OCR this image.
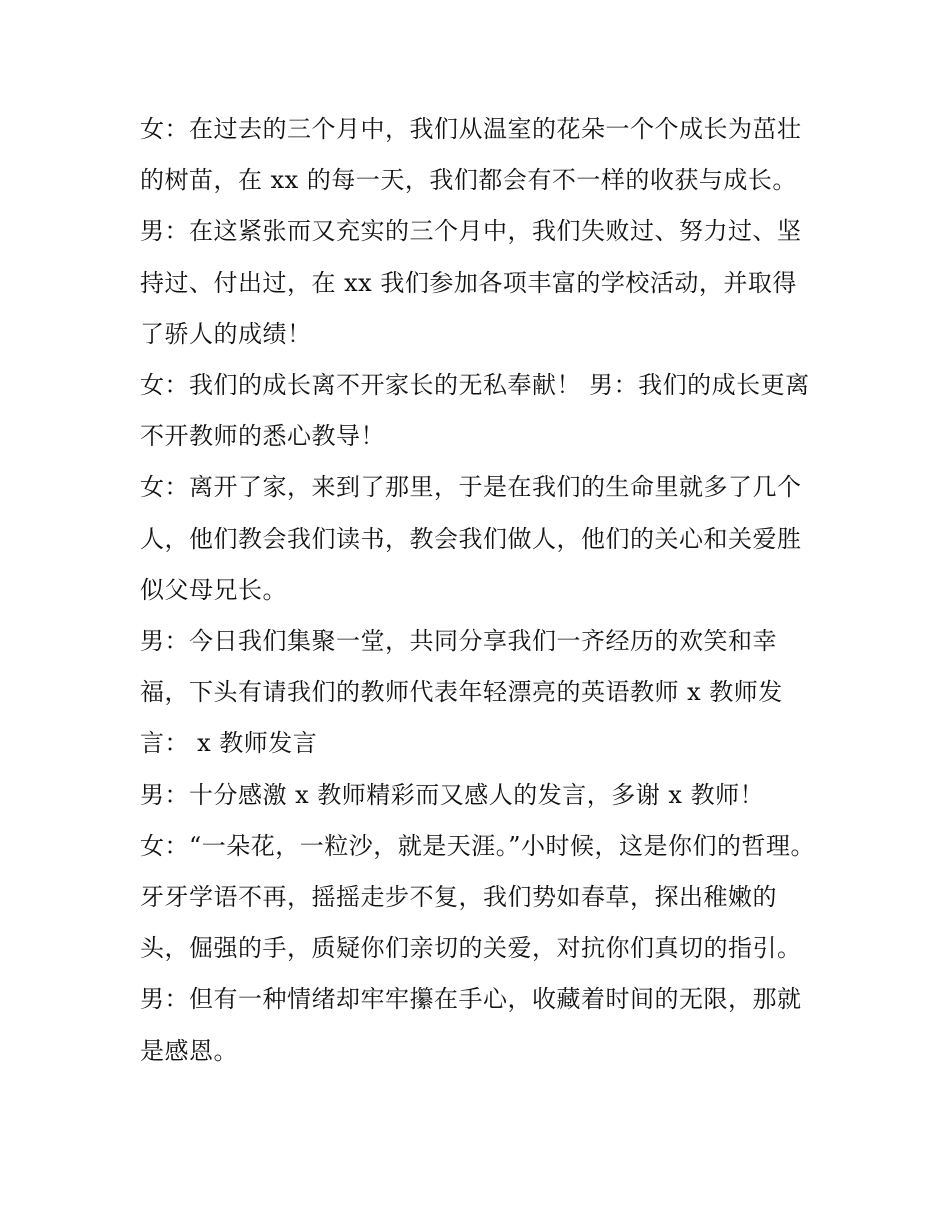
女：在过去的三个月中，我们从温室的花朵一个个成长为茁壮的树苗，在 xx 的每一天，我们都会有不一样的收获与成长。

男：在这紧张而又充实的三个月中，我们失败过、努力过、坚持过、付出过，在 xx 我们参加各项丰富的学校活动，并取得了骄人的成绩！

女：我们的成长离不开家长的无私奉献！ 男：我们的成长更离不开教师的悉心教导！

女：离开了家，来到了那里，于是在我们的生命里就多了几个人，他们教会我们读书，教会我们做人，他们的关心和关爱胜似父母兄长。

男：今日我们集聚一堂，共同分享我们一齐经历的欢笑和幸福，下头有请我们的教师代表年轻漂亮的英语教师 x 教师发言： x 教师发言

男：十分感激 x 教师精彩而又感人的发言，多谢 x 教师！

女：“一朵花，一粒沙，就是天涯。”小时候，这是你们的哲理。牙牙学语不再，摇摇走步不复，我们势如春草，探出稚嫩的头，倔强的手，质疑你们亲切的关爱，对抗你们真切的指引。

男：但有一种情绪却牢牢攥在手心，收藏着时间的无限，那就是感恩。
